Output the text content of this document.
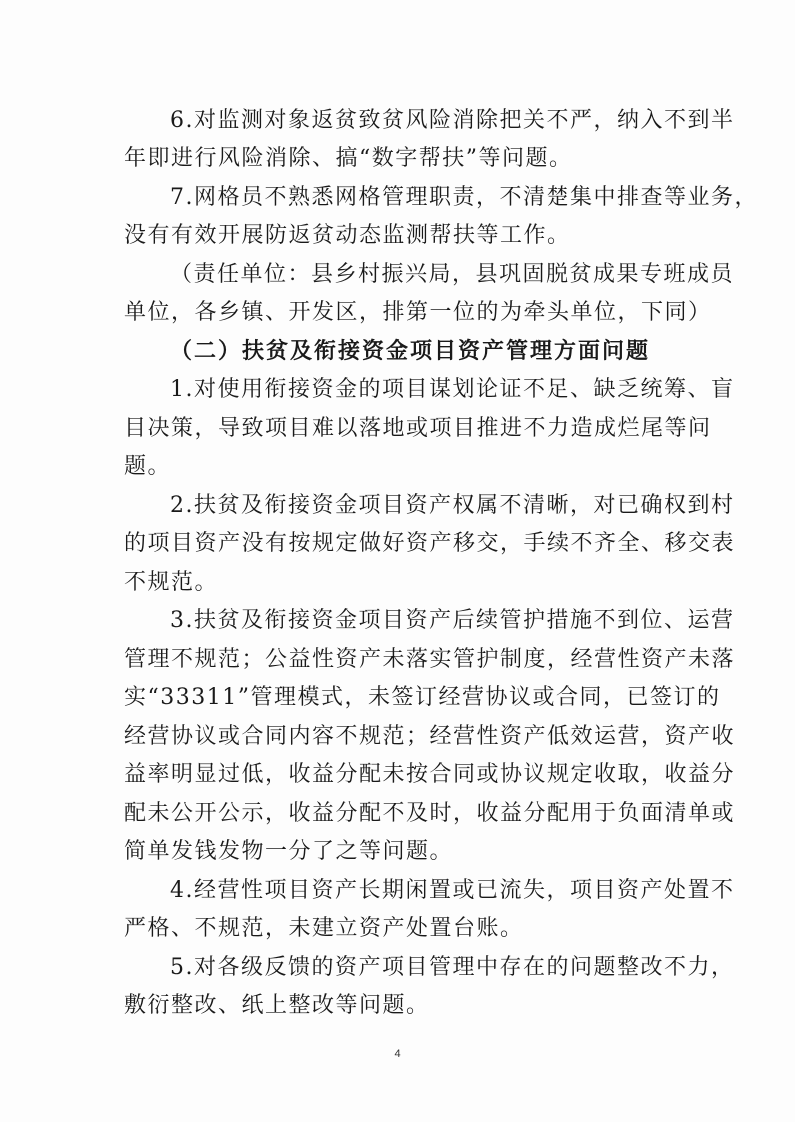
6.对监测对象返贫致贫风险消除把关不严，纳入不到半
年即进行风险消除、搞“数字帮扶”等问题。
7.网格员不熟悉网格管理职责，不清楚集中排查等业务，
没有有效开展防返贫动态监测帮扶等工作。
（责任单位：县乡村振兴局，县巩固脱贫成果专班成员
单位，各乡镇、开发区，排第一位的为牵头单位，下同）
（二）扶贫及衔接资金项目资产管理方面问题
1.对使用衔接资金的项目谋划论证不足、缺乏统筹、盲
目决策，导致项目难以落地或项目推进不力造成烂尾等问
题。
2.扶贫及衔接资金项目资产权属不清晰，对已确权到村
的项目资产没有按规定做好资产移交，手续不齐全、移交表
不规范。
3.扶贫及衔接资金项目资产后续管护措施不到位、运营
管理不规范；公益性资产未落实管护制度，经营性资产未落
实“33311”管理模式，未签订经营协议或合同，已签订的
经营协议或合同内容不规范；经营性资产低效运营，资产收
益率明显过低，收益分配未按合同或协议规定收取，收益分
配未公开公示，收益分配不及时，收益分配用于负面清单或
简单发钱发物一分了之等问题。
4.经营性项目资产长期闲置或已流失，项目资产处置不
严格、不规范，未建立资产处置台账。
5.对各级反馈的资产项目管理中存在的问题整改不力，
敷衍整改、纸上整改等问题。
4
